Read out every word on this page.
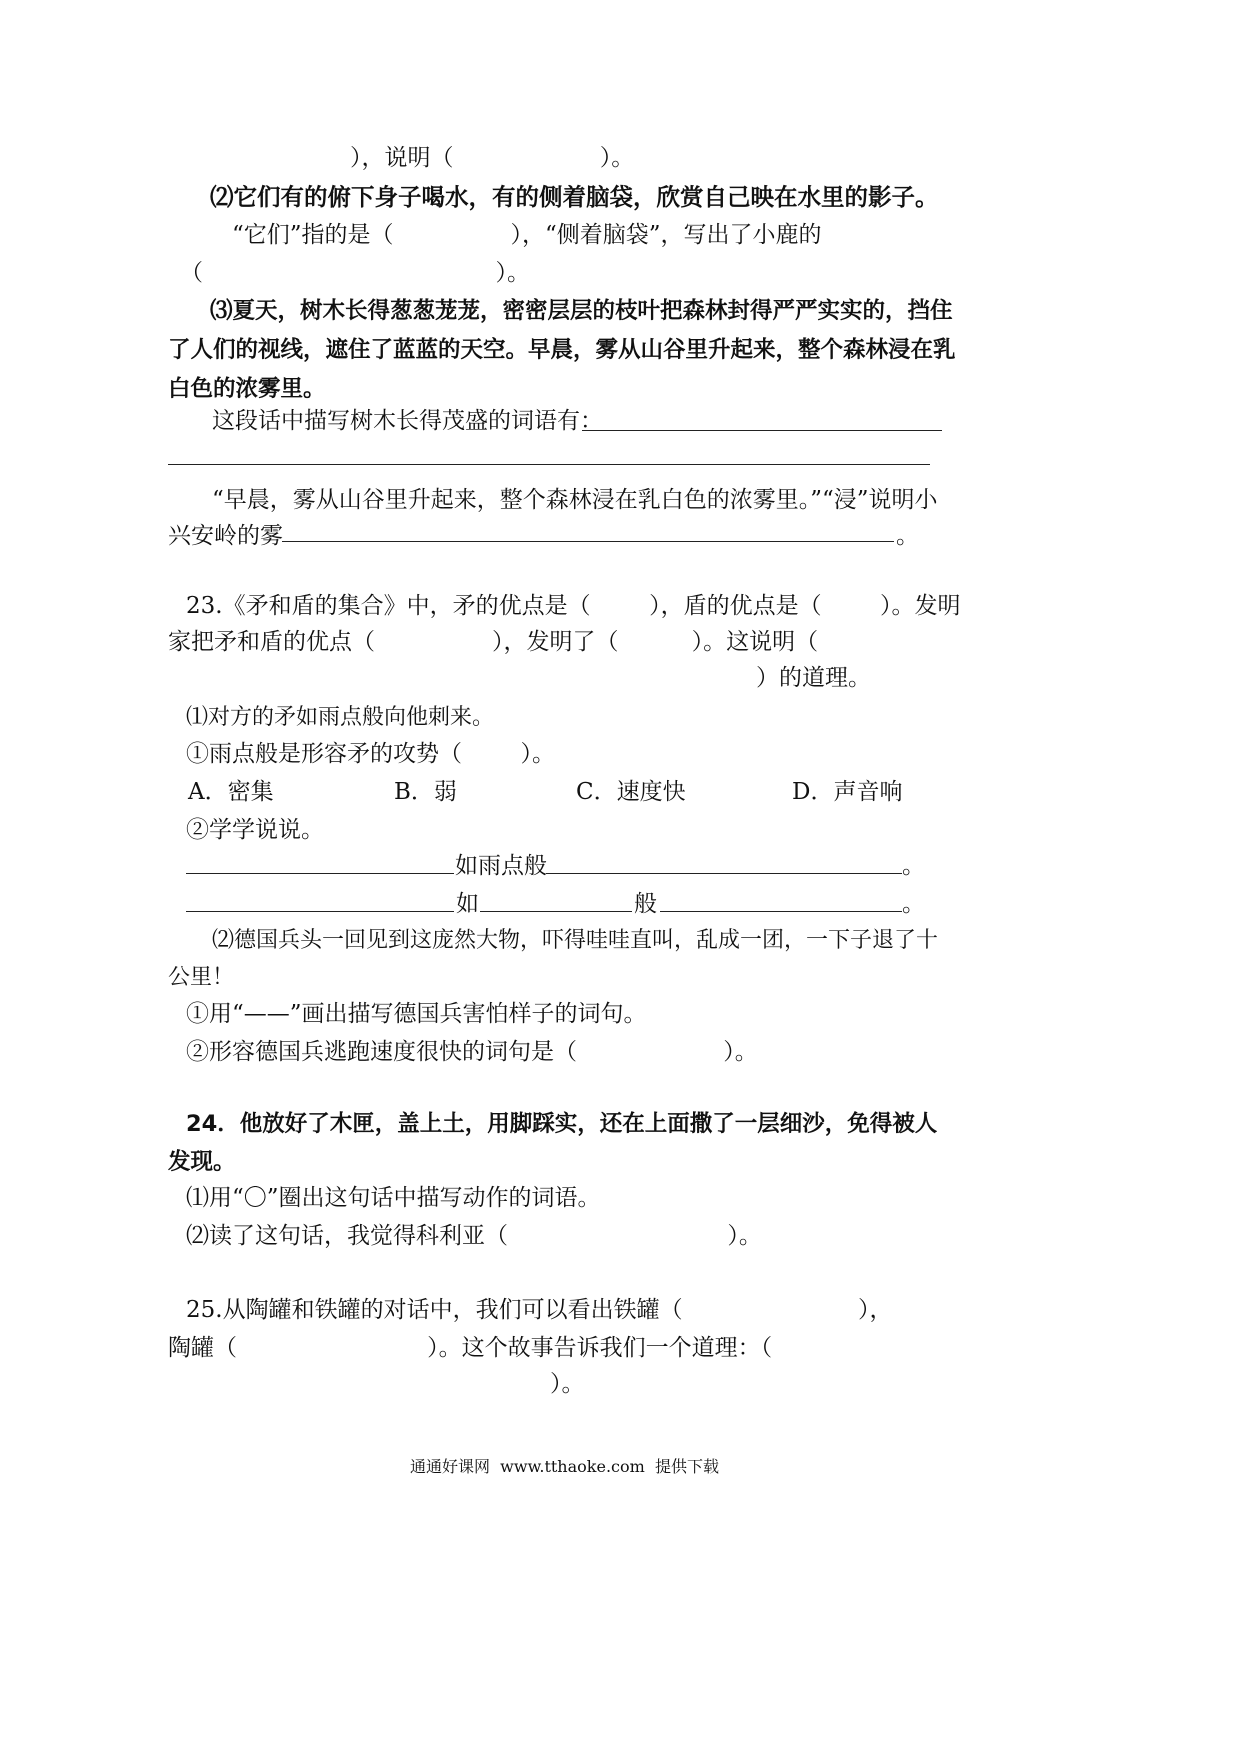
），说明（                    ）。
⑵它们有的俯下身子喝水，有的侧着脑袋，欣赏自己映在水里的影子。
“它们”指的是（                ），“侧着脑袋”，写出了小鹿的
（                                        ）。
⑶夏天，树木长得葱葱茏茏，密密层层的枝叶把森林封得严严实实的，挡住
了人们的视线，遮住了蓝蓝的天空。早晨，雾从山谷里升起来，整个森林浸在乳
白色的浓雾里。
这段话中描写树木长得茂盛的词语有：
“早晨，雾从山谷里升起来，整个森林浸在乳白色的浓雾里。”“浸”说明小
兴安岭的雾	。
23.《矛和盾的集合》中，矛的优点是（        ），盾的优点是（        ）。发明
家把矛和盾的优点（                ），发明了（          ）。这说明（
）的道理。
⑴对方的矛如雨点般向他刺来。
①雨点般是形容矛的攻势（        ）。
A．密集	B．弱	C．速度快	D．声音响
②学学说说。
如雨点般	。
如	般	。
⑵德国兵头一回见到这庞然大物，吓得哇哇直叫，乱成一团，一下子退了十
公里！
①用“——”画出描写德国兵害怕样子的词句。
②形容德国兵逃跑速度很快的词句是（                    ）。
24．他放好了木匣，盖上土，用脚踩实，还在上面撒了一层细沙，免得被人
发现。
⑴用“〇”圈出这句话中描写动作的词语。
⑵读了这句话，我觉得科利亚（                              ）。
25.从陶罐和铁罐的对话中，我们可以看出铁罐（                        ），
陶罐（                          ）。这个故事告诉我们一个道理：（
）。
通通好课网  www.tthaoke.com  提供下载
